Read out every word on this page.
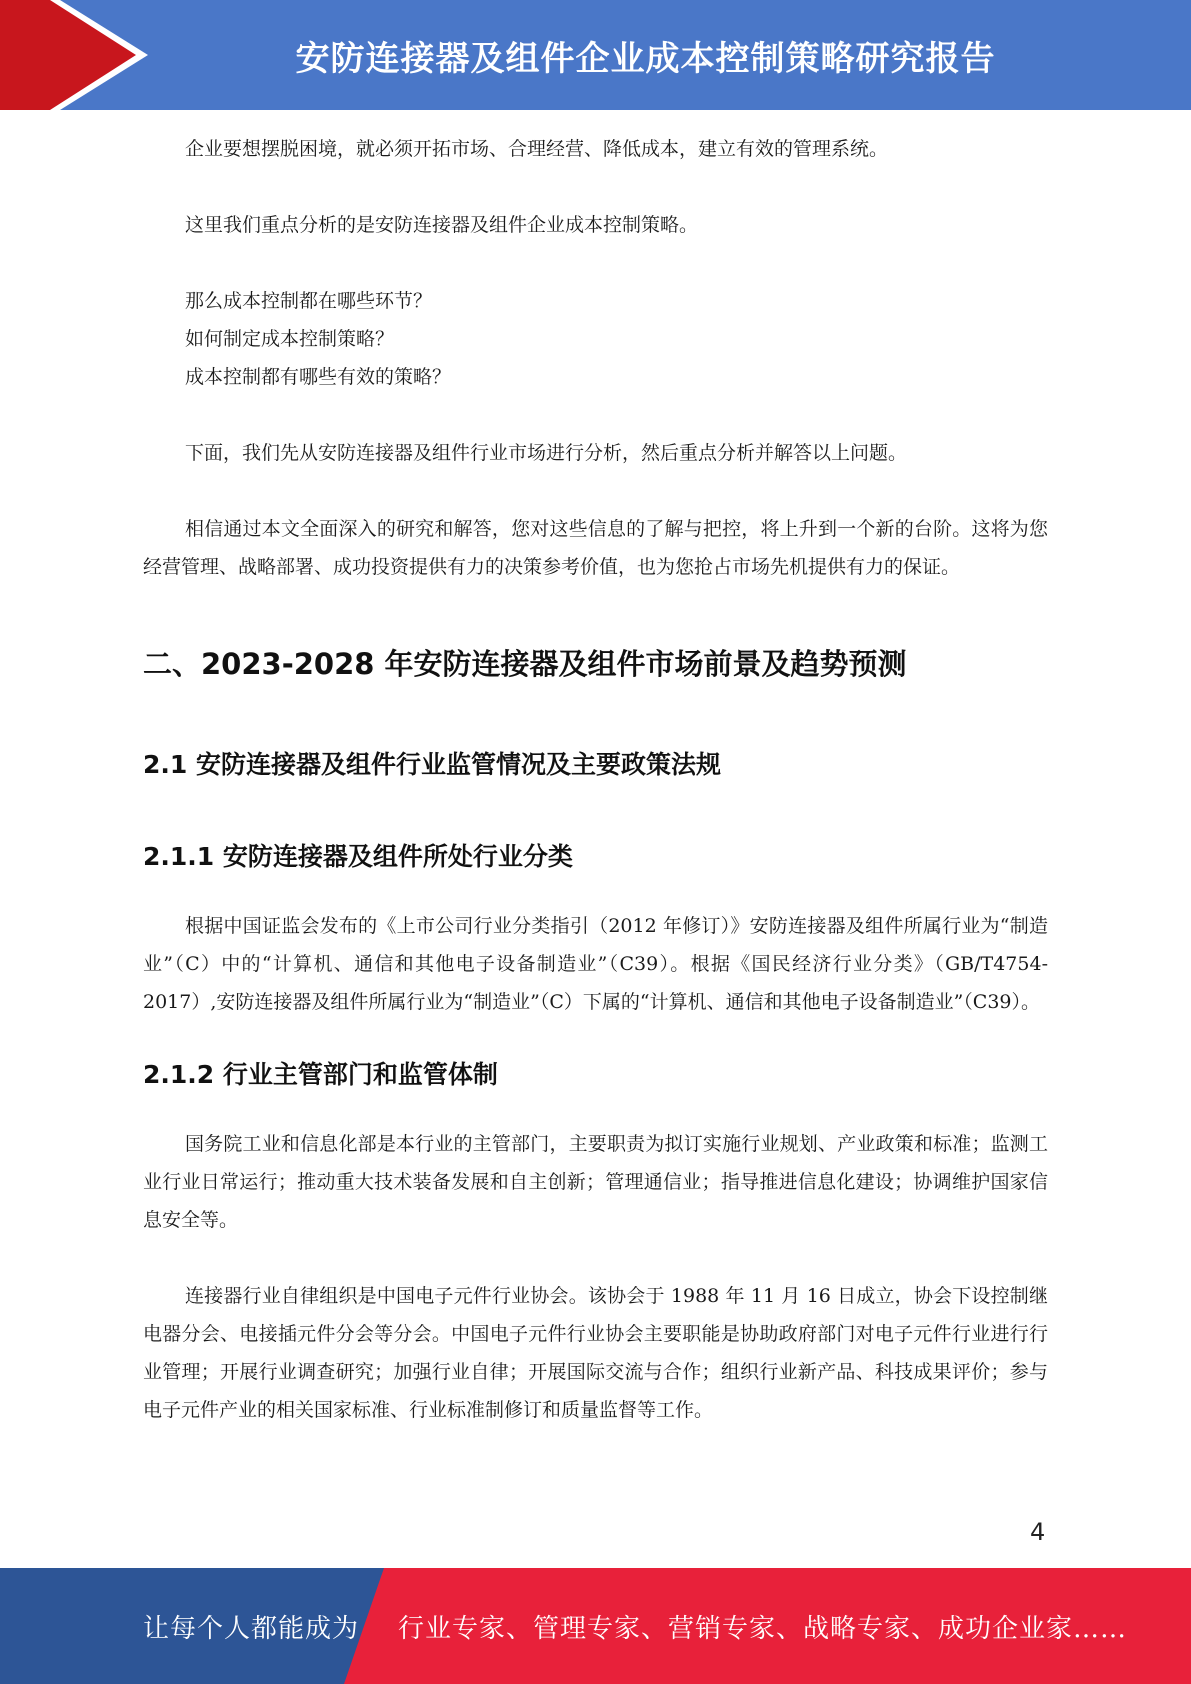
安防连接器及组件企业成本控制策略研究报告

企业要想摆脱困境，就必须开拓市场、合理经营、降低成本，建立有效的管理系统。

这里我们重点分析的是安防连接器及组件企业成本控制策略。

那么成本控制都在哪些环节？

如何制定成本控制策略？

成本控制都有哪些有效的策略？

下面，我们先从安防连接器及组件行业市场进行分析，然后重点分析并解答以上问题。

相信通过本文全面深入的研究和解答，您对这些信息的了解与把控，将上升到一个新的台阶。这将为您经营管理、战略部署、成功投资提供有力的决策参考价值，也为您抢占市场先机提供有力的保证。

二、2023-2028 年安防连接器及组件市场前景及趋势预测
2.1 安防连接器及组件行业监管情况及主要政策法规
2.1.1 安防连接器及组件所处行业分类

根据中国证监会发布的《上市公司行业分类指引（2012 年修订）》安防连接器及组件所属行业为“制造业”（C）中的“计算机、通信和其他电子设备制造业”（C39）。根据《国民经济行业分类》（GB/T4754-2017）,安防连接器及组件所属行业为“制造业”（C）下属的“计算机、通信和其他电子设备制造业”（C39）。

2.1.2 行业主管部门和监管体制

国务院工业和信息化部是本行业的主管部门，主要职责为拟订实施行业规划、产业政策和标准；监测工业行业日常运行；推动重大技术装备发展和自主创新；管理通信业；指导推进信息化建设；协调维护国家信息安全等。

连接器行业自律组织是中国电子元件行业协会。该协会于 1988 年 11 月 16 日成立，协会下设控制继电器分会、电接插元件分会等分会。中国电子元件行业协会主要职能是协助政府部门对电子元件行业进行行业管理；开展行业调查研究；加强行业自律；开展国际交流与合作；组织行业新产品、科技成果评价；参与电子元件产业的相关国家标准、行业标准制修订和质量监督等工作。

4
让每个人都能成为 行业专家、管理专家、营销专家、战略专家、成功企业家……
